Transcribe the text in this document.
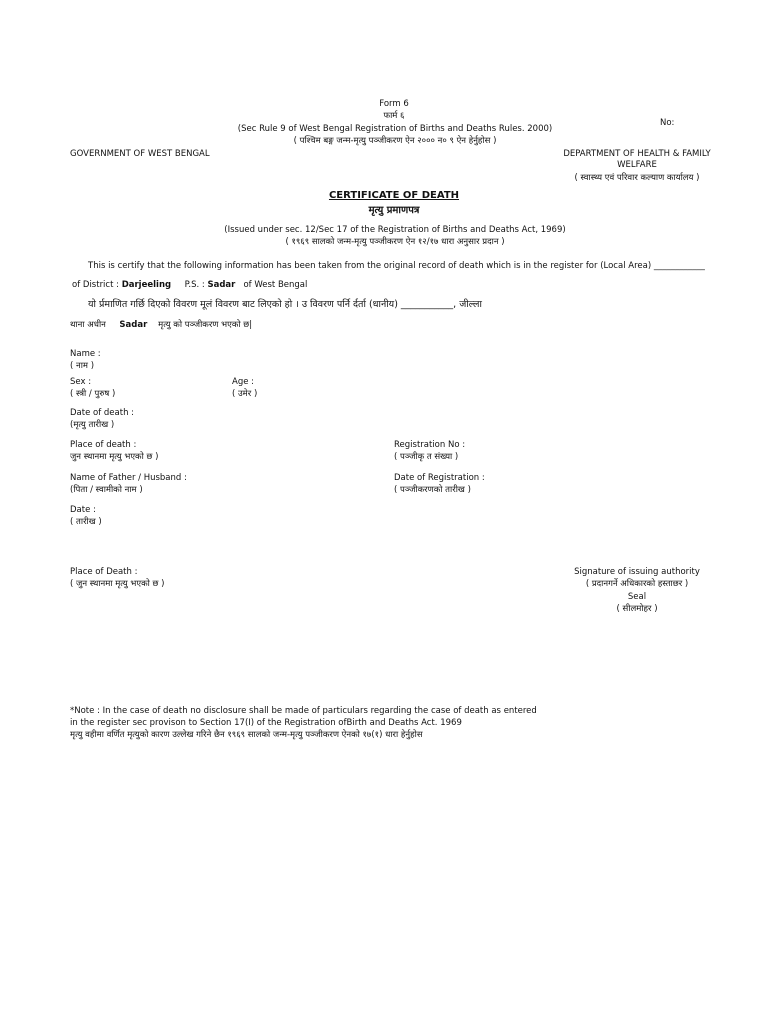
Form 6
फार्म ६
(Sec Rule 9 of West Bengal Registration of Births and Deaths Rules. 2000)
( पश्चिम बङ्ग जन्म-मृत्यु पञ्जीकरण ऐन २००० न० ९ ऐन हेर्नुहोस )
No:
GOVERNMENT OF WEST BENGAL	DEPARTMENT OF HEALTH & FAMILY
WELFARE
( स्वास्थ्य एवं परिवार कल्याण कार्यालय )
CERTIFICATE OF DEATH
मृत्यु प्रमाणपत्र
(Issued under sec. 12/Sec 17 of the Registration of Births and Deaths Act, 1969)
( १९६९ सालको जन्म-मृत्यु पञ्जीकरण ऐन १२/१७ धारा अनुसार प्रदान )
This is certify that the following information has been taken from the original record of death which is in the register for (Local Area) ____________
of District : Darjeeling P.S. : Sadar of West Bengal
यो र्प्रमाणित गर्छि दिएको विवरण मूलं विवरण बाट लिएको हो । उ विवरण पर्नि र्दर्ता (धानीय) ___________, जील्ला
थाना अधीन Sadar मृत्यु को पञ्जीकरण भएको छ|
Name :
( नाम )
Sex :
( स्त्री / पुरुष )
Age :
( उमेर )
Date of death :
(मृत्यु तारीख )
Place of death :
जुन स्थानमा मृत्यु भएको छ )
Registration No :
( पञ्जीकृ त संख्या )
Name of Father / Husband :
(पिता / स्वामीको नाम )
Date of Registration :
( पञ्जीकरणको तारीख )
Date :
( तारीख )
Place of Death :
( जुन स्थानमा मृत्यु भएको छ )
Signature of issuing authority
( प्रदानगर्ने अधिकारको हस्ताछर )
Seal
( सीलमोहर )
*Note : In the case of death no disclosure shall be made of particulars regarding the case of death as entered
in the register sec provison to Section 17(I) of the Registration ofBirth and Deaths Act. 1969
मृत्यु वहीमा वर्णित मृत्युको कारण उल्लेख गरिने छैन १९६९ सालको जन्म-मृत्यु पञ्जीकरण ऐनको १७(१) धारा हेर्नुहोस
